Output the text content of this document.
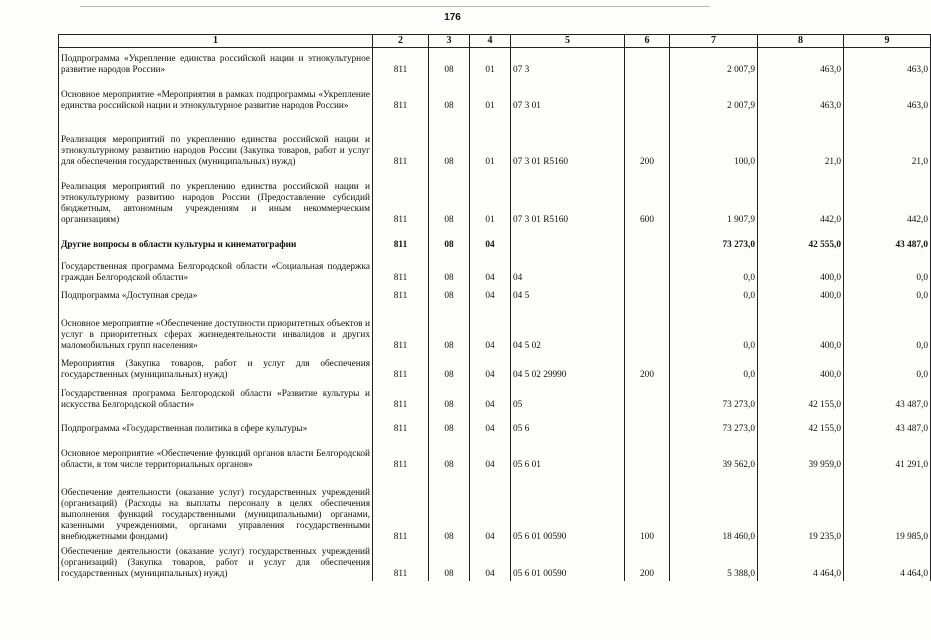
176
1	2	3	4	5	6	7	8	9
Подпрограмма «Укрепление единства российской нации и этнокультурное развитие народов России»	811	08	01	07 3		2 007,9	463,0	463,0
Основное мероприятие «Мероприятия в рамках подпрограммы «Укрепление единства российской нации и этнокультурное развитие народов России»	811	08	01	07 3 01		2 007,9	463,0	463,0
Реализация мероприятий по укреплению единства российской нации и этнокультурному развитию народов России (Закупка товаров, работ и услуг для обеспечения государственных (муниципальных) нужд)	811	08	01	07 3 01 R5160	200	100,0	21,0	21,0
Реализация мероприятий по укреплению единства российской нации и этнокультурному развитию народов России (Предоставление субсидий бюджетным, автономным учреждениям и иным некоммерческим организациям)	811	08	01	07 3 01 R5160	600	1 907,9	442,0	442,0
Другие вопросы в области культуры и кинематографии	811	08	04			73 273,0	42 555,0	43 487,0
Государственная программа Белгородской области «Социальная поддержка граждан Белгородской области»	811	08	04	04		0,0	400,0	0,0
Подпрограмма «Доступная среда»	811	08	04	04 5		0,0	400,0	0,0
Основное мероприятие «Обеспечение доступности приоритетных объектов и услуг в приоритетных сферах жизнедеятельности инвалидов и других маломобильных групп населения»	811	08	04	04 5 02		0,0	400,0	0,0
Мероприятия (Закупка товаров, работ и услуг для обеспечения государственных (муниципальных) нужд)	811	08	04	04 5 02 29990	200	0,0	400,0	0,0
Государственная программа Белгородской области «Развитие культуры и искусства Белгородской области»	811	08	04	05		73 273,0	42 155,0	43 487,0
Подпрограмма «Государственная политика в сфере культуры»	811	08	04	05 6		73 273,0	42 155,0	43 487,0
Основное мероприятие «Обеспечение функций органов власти Белгородской области, в том числе территориальных органов»	811	08	04	05 6 01		39 562,0	39 959,0	41 291,0
Обеспечение деятельности (оказание услуг) государственных учреждений (организаций) (Расходы на выплаты персоналу в целях обеспечения выполнения функций государственными (муниципальными) органами, казенными учреждениями, органами управления государственными внебюджетными фондами)	811	08	04	05 6 01 00590	100	18 460,0	19 235,0	19 985,0
Обеспечение деятельности (оказание услуг) государственных учреждений (организаций) (Закупка товаров, работ и услуг для обеспечения государственных (муниципальных) нужд)	811	08	04	05 6 01 00590	200	5 388,0	4 464,0	4 464,0
